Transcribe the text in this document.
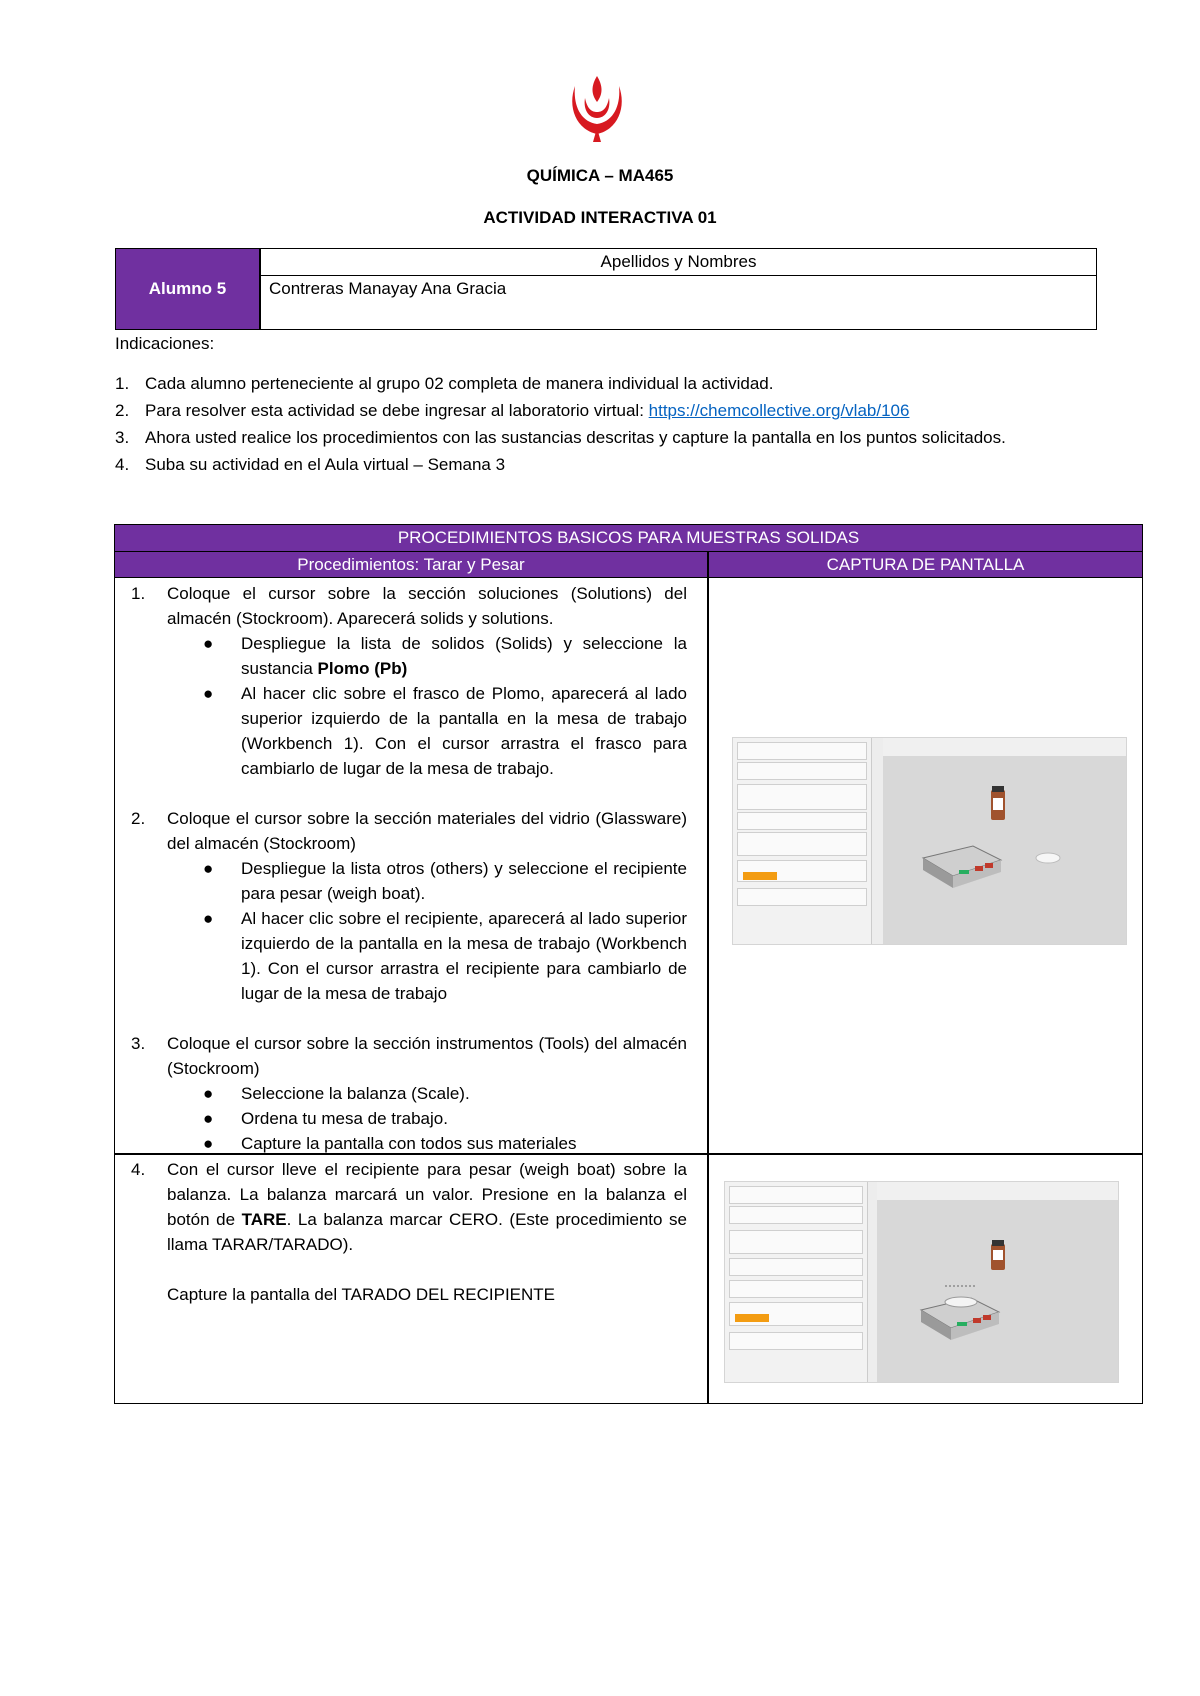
QUÍMICA – MA465
ACTIVIDAD INTERACTIVA 01
Alumno 5
Apellidos y Nombres
Contreras Manayay Ana Gracia
Indicaciones:
1. Cada alumno perteneciente al grupo 02 completa de manera individual la actividad.
2. Para resolver esta actividad se debe ingresar al laboratorio virtual: https://chemcollective.org/vlab/106
3. Ahora usted realice los procedimientos con las sustancias descritas y capture la pantalla en los puntos solicitados.
4. Suba su actividad en el Aula virtual – Semana 3
PROCEDIMIENTOS BASICOS PARA MUESTRAS SOLIDAS
Procedimientos: Tarar y Pesar	CAPTURA DE PANTALLA
1. Coloque el cursor sobre la sección soluciones (Solutions) del almacén (Stockroom). Aparecerá solids y solutions.
● Despliegue la lista de solidos (Solids) y seleccione la sustancia Plomo (Pb)
● Al hacer clic sobre el frasco de Plomo, aparecerá al lado superior izquierdo de la pantalla en la mesa de trabajo (Workbench 1). Con el cursor arrastra el frasco para cambiarlo de lugar de la mesa de trabajo.
2. Coloque el cursor sobre la sección materiales del vidrio (Glassware) del almacén (Stockroom)
● Despliegue la lista otros (others) y seleccione el recipiente para pesar (weigh boat).
● Al hacer clic sobre el recipiente, aparecerá al lado superior izquierdo de la pantalla en la mesa de trabajo (Workbench 1). Con el cursor arrastra el recipiente para cambiarlo de lugar de la mesa de trabajo
3. Coloque el cursor sobre la sección instrumentos (Tools) del almacén (Stockroom)
● Seleccione la balanza (Scale).
● Ordena tu mesa de trabajo.
● Capture la pantalla con todos sus materiales
4. Con el cursor lleve el recipiente para pesar (weigh boat) sobre la balanza. La balanza marcará un valor. Presione en la balanza el botón de TARE. La balanza marcar CERO. (Este procedimiento se llama TARAR/TARADO).
Capture la pantalla del TARADO DEL RECIPIENTE
